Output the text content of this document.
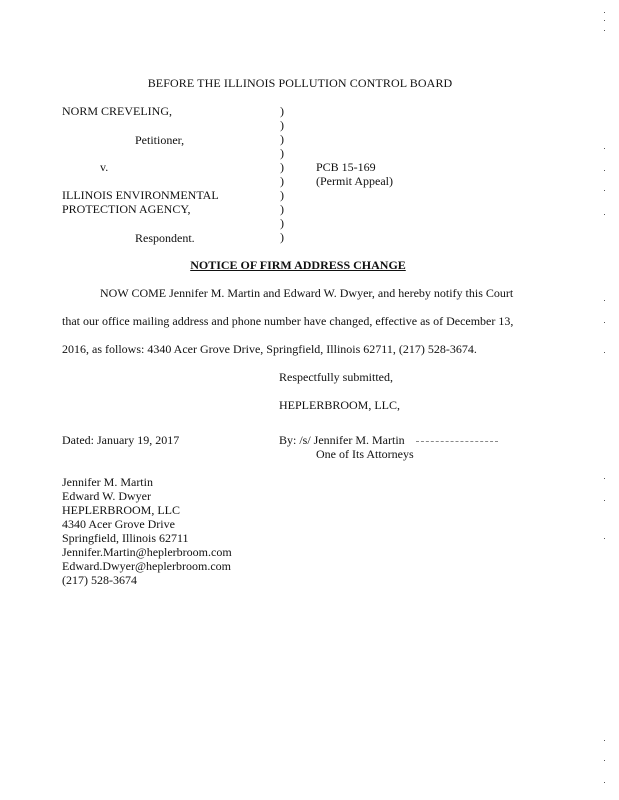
BEFORE THE ILLINOIS POLLUTION CONTROL BOARD
NORM CREVELING,
Petitioner,
v.
ILLINOIS ENVIRONMENTAL
PROTECTION AGENCY,
Respondent.
)
)
)
)
)
)
)
)
)
)
PCB 15-169
(Permit Appeal)
NOTICE OF FIRM ADDRESS CHANGE
NOW COME Jennifer M. Martin and Edward W. Dwyer, and hereby notify this Court
that our office mailing address and phone number have changed, effective as of December 13,
2016, as follows: 4340 Acer Grove Drive, Springfield, Illinois 62711, (217) 528-3674.
Respectfully submitted,
HEPLERBROOM, LLC,
Dated: January 19, 2017	By: /s/ Jennifer M. Martin
One of Its Attorneys
Jennifer M. Martin
Edward W. Dwyer
HEPLERBROOM, LLC
4340 Acer Grove Drive
Springfield, Illinois 62711
Jennifer.Martin@heplerbroom.com
Edward.Dwyer@heplerbroom.com
(217) 528-3674
